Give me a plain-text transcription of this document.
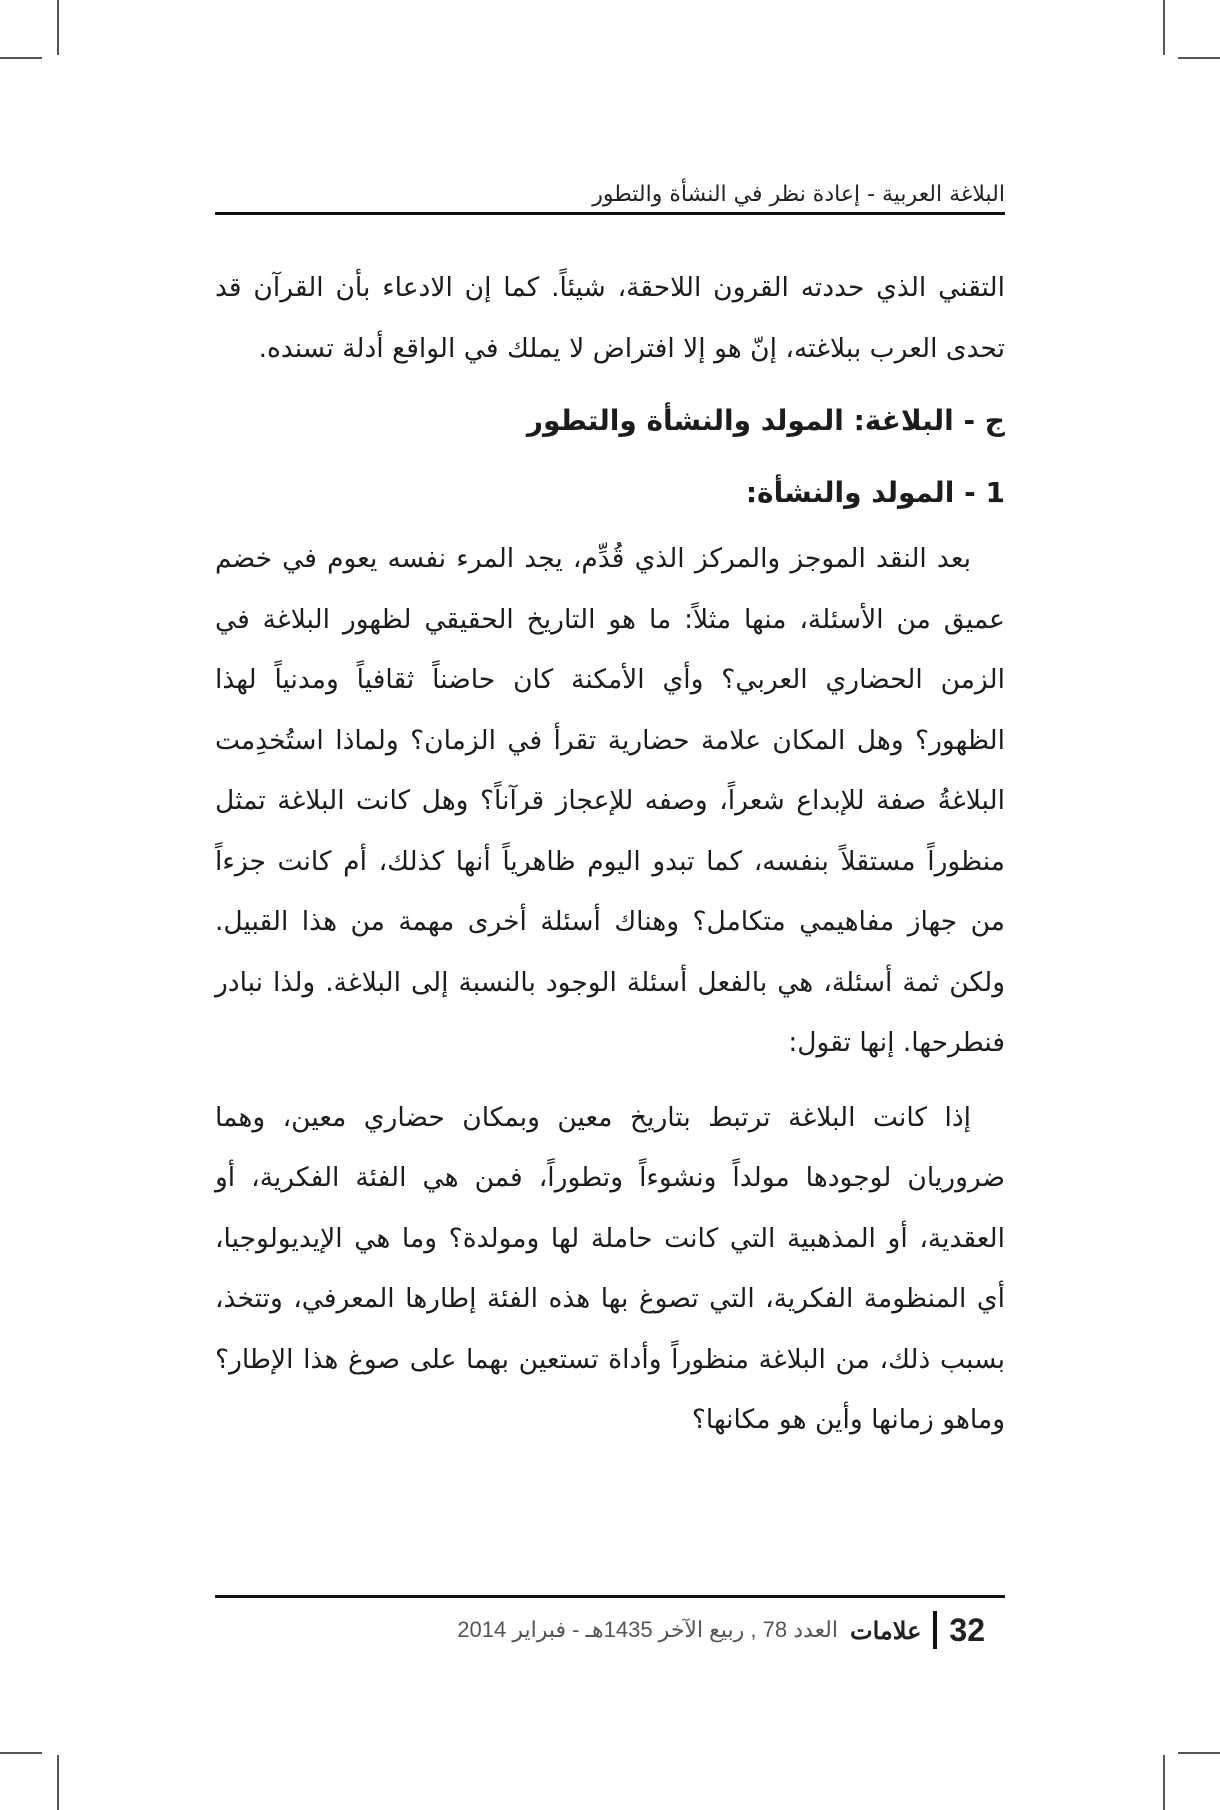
البلاغة العربية - إعادة نظر في النشأة والتطور

التقني الذي حددته القرون اللاحقة، شيئاً. كما إن الادعاء بأن القرآن قد تحدى العرب ببلاغته، إنّ هو إلا افتراض لا يملك في الواقع أدلة تسنده.

ج - البلاغة: المولد والنشأة والتطور
1 - المولد والنشأة:

بعد النقد الموجز والمركز الذي قُدِّم، يجد المرء نفسه يعوم في خضم عميق من الأسئلة، منها مثلاً: ما هو التاريخ الحقيقي لظهور البلاغة في الزمن الحضاري العربي؟ وأي الأمكنة كان حاضناً ثقافياً ومدنياً لهذا الظهور؟ وهل المكان علامة حضارية تقرأ في الزمان؟ ولماذا استُخدِمت البلاغةُ صفة للإبداع شعراً، وصفه للإعجاز قرآناً؟ وهل كانت البلاغة تمثل منظوراً مستقلاً بنفسه، كما تبدو اليوم ظاهرياً أنها كذلك، أم كانت جزءاً من جهاز مفاهيمي متكامل؟ وهناك أسئلة أخرى مهمة من هذا القبيل. ولكن ثمة أسئلة، هي بالفعل أسئلة الوجود بالنسبة إلى البلاغة. ولذا نبادر فنطرحها. إنها تقول:

إذا كانت البلاغة ترتبط بتاريخ معين وبمكان حضاري معين، وهما ضروريان لوجودها مولداً ونشوءاً وتطوراً، فمن هي الفئة الفكرية، أو العقدية، أو المذهبية التي كانت حاملة لها ومولدة؟ وما هي الإيديولوجيا، أي المنظومة الفكرية، التي تصوغ بها هذه الفئة إطارها المعرفي، وتتخذ، بسبب ذلك، من البلاغة منظوراً وأداة تستعين بهما على صوغ هذا الإطار؟ وماهو زمانها وأين هو مكانها؟

32
علامات
العدد 78 , ربيع الآخر 1435هـ - فبراير 2014
